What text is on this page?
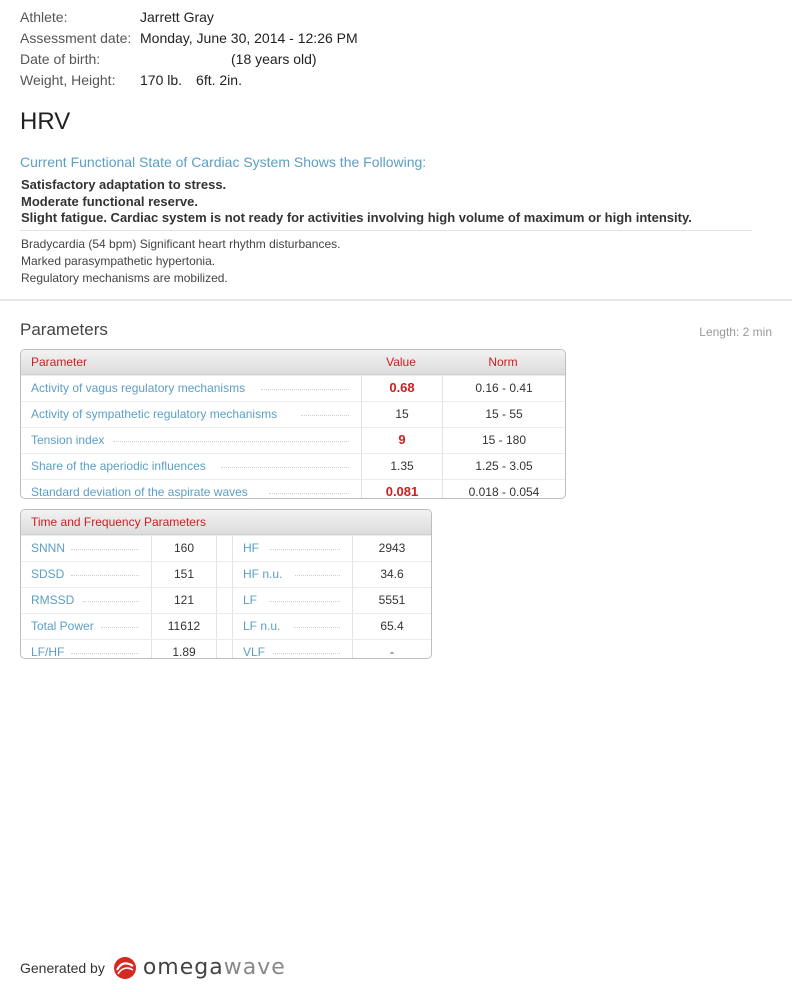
Athlete:	Jarrett Gray
Assessment date: Monday, June 30, 2014 - 12:26 PM
Date of birth:	(18 years old)
Weight, Height:	170 lb. 6ft. 2in.
HRV
Current Functional State of Cardiac System Shows the Following:
Satisfactory adaptation to stress.
Moderate functional reserve.
Slight fatigue. Cardiac system is not ready for activities involving high volume of maximum or high intensity.
Bradycardia (54 bpm) Significant heart rhythm disturbances.
Marked parasympathetic hypertonia.
Regulatory mechanisms are mobilized.
Parameters	Length: 2 min
Parameter	Value	Norm
Activity of vagus regulatory mechanisms	0.68	0.16 - 0.41
Activity of sympathetic regulatory mechanisms	15	15 - 55
Tension index	9	15 - 180
Share of the aperiodic influences	1.35	1.25 - 3.05
Standard deviation of the aspirate waves	0.081	0.018 - 0.054
Time and Frequency Parameters
SNNN	160	HF	2943
SDSD	151	HF n.u.	34.6
RMSSD	121	LF	5551
Total Power	11612	LF n.u.	65.4
LF/HF	1.89	VLF	-
Generated by omegawave
